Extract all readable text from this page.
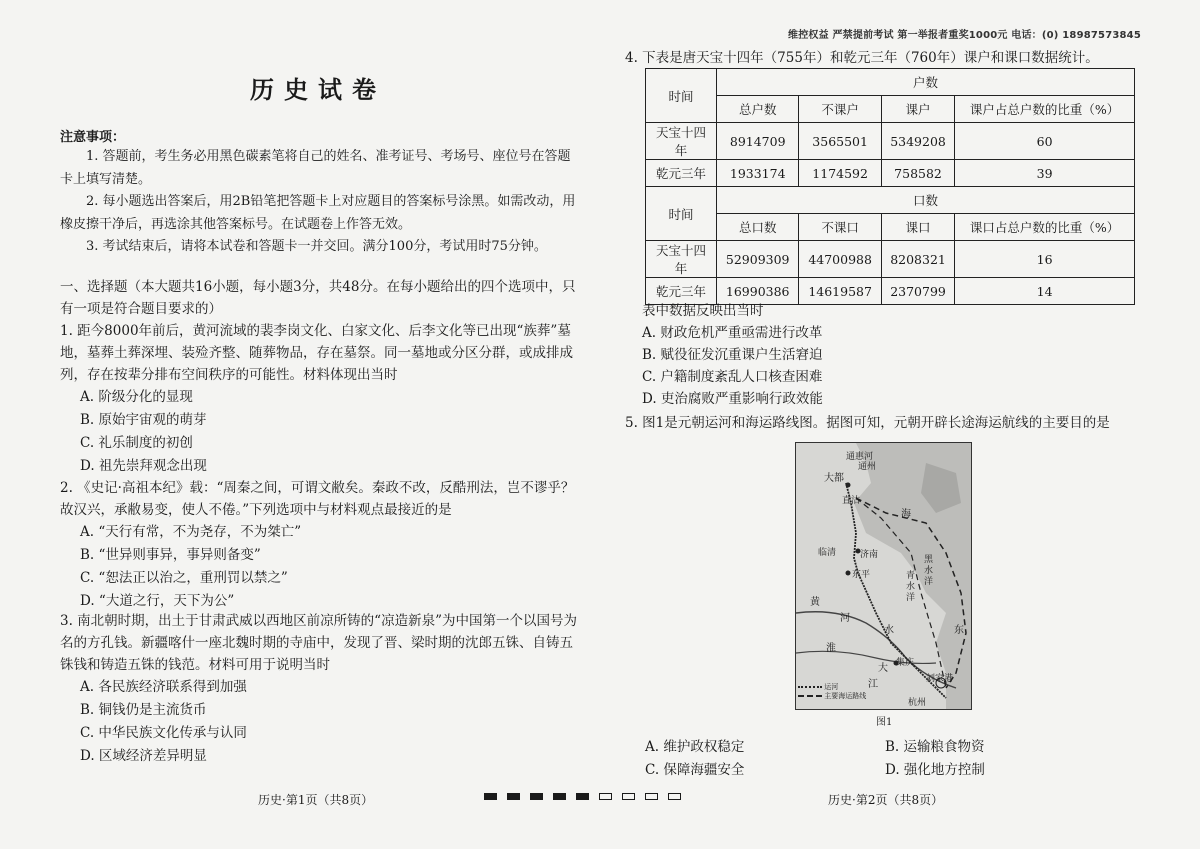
维控权益 严禁提前考试 第一举报者重奖1000元 电话：(0) 18987573845
历史试卷
注意事项：

1. 答题前，考生务必用黑色碳素笔将自己的姓名、准考证号、考场号、座位号在答题卡上填写清楚。

2. 每小题选出答案后，用2B铅笔把答题卡上对应题目的答案标号涂黑。如需改动，用橡皮擦干净后，再选涂其他答案标号。在试题卷上作答无效。

3. 考试结束后，请将本试卷和答题卡一并交回。满分100分，考试用时75分钟。

一、选择题（本大题共16小题，每小题3分，共48分。在每小题给出的四个选项中，只有一项是符合题目要求的）

1. 距今8000年前后，黄河流域的裴李岗文化、白家文化、后李文化等已出现“族葬”墓地，墓葬土葬深埋、装殓齐整、随葬物品，存在墓祭。同一墓地或分区分群，或成排成列，存在按辈分排布空间秩序的可能性。材料体现出当时

A. 阶级分化的显现

B. 原始宇宙观的萌芽

C. 礼乐制度的初创

D. 祖先崇拜观念出现

2. 《史记·高祖本纪》载：“周秦之间，可谓文敝矣。秦政不改，反酷刑法，岂不谬乎？故汉兴，承敝易变，使人不倦。”下列选项中与材料观点最接近的是

A. “天行有常，不为尧存，不为桀亡”

B. “世异则事异，事异则备变”

C. “恕法正以治之，重刑罚以禁之”

D. “大道之行，天下为公”

3. 南北朝时期，出土于甘肃武威以西地区前凉所铸的“凉造新泉”为中国第一个以国号为名的方孔钱。新疆喀什一座北魏时期的寺庙中，发现了晋、梁时期的沈郎五铢、自铸五铢钱和铸造五铢的钱范。材料可用于说明当时

A. 各民族经济联系得到加强

B. 铜钱仍是主流货币

C. 中华民族文化传承与认同

D. 区域经济差异明显

历史·第1页（共8页）
4. 下表是唐天宝十四年（755年）和乾元三年（760年）课户和课口数据统计。
时间	户数			
	总户数	不课户	课户	课户占总户数的比重（%）
天宝十四年	8914709	3565501	5349208	60
乾元三年	1933174	1174592	758582	39
时间	口数			
	总口数	不课口	课口	课口占总户数的比重（%）
天宝十四年	52909309	44700988	8208321	16
乾元三年	16990386	14619587	2370799	14

表中数据反映出当时

A. 财政危机严重亟需进行改革

B. 赋役征发沉重课户生活窘迫

C. 户籍制度紊乱人口核查困难

D. 吏治腐败严重影响行政效能

5. 图1是元朝运河和海运路线图。据图可知，元朝开辟长途海运航线的主要目的是
通惠河
通州
大都
直沽
海
临清	济南
东平	青水洋
黑水洋
黄
河
淮
水
大 集庆
江	刘家港
杭州
东
运河
主要海运路线
图1
A. 维护政权稳定	B. 运输粮食物资
C. 保障海疆安全	D. 强化地方控制
历史·第2页（共8页）
